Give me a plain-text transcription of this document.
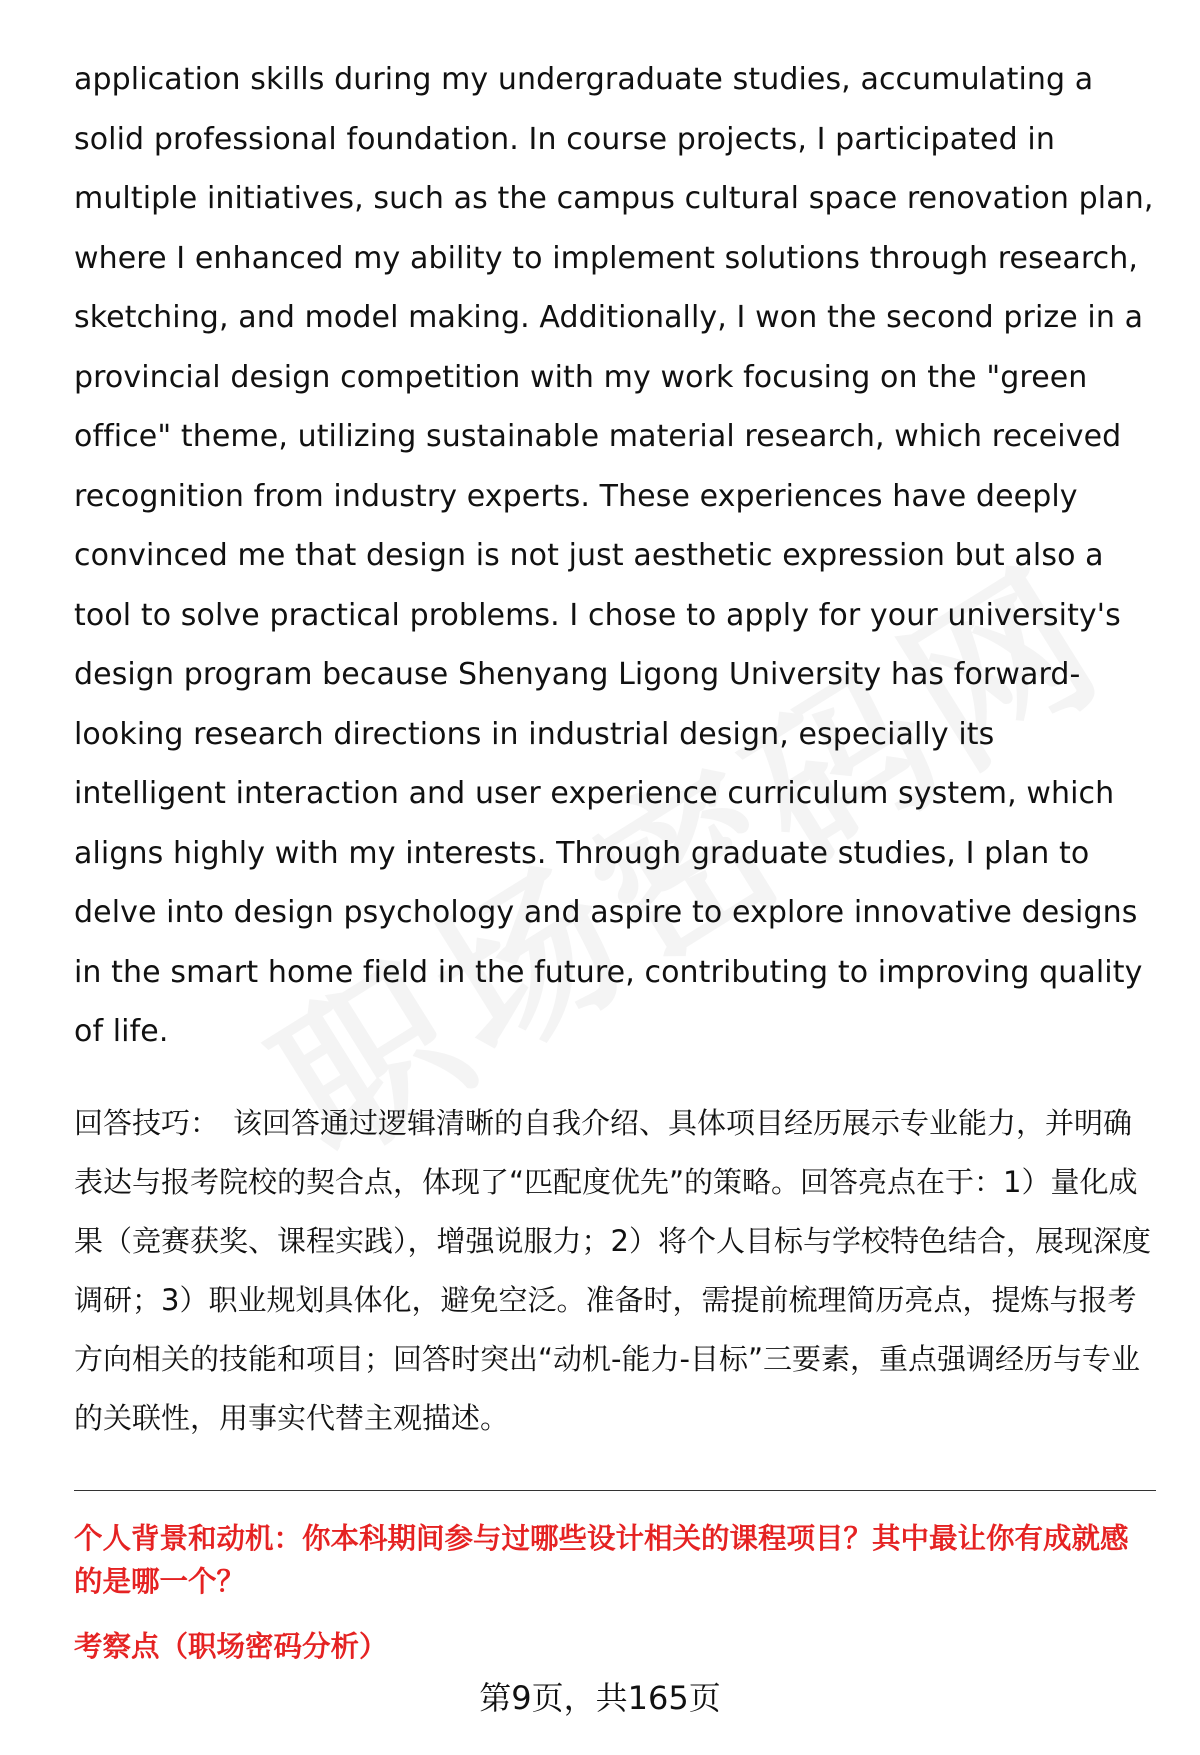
application skills during my undergraduate studies, accumulating a solid professional foundation. In course projects, I participated in multiple initiatives, such as the campus cultural space renovation plan, where I enhanced my ability to implement solutions through research, sketching, and model making. Additionally, I won the second prize in a provincial design competition with my work focusing on the "green office" theme, utilizing sustainable material research, which received recognition from industry experts. These experiences have deeply convinced me that design is not just aesthetic expression but also a tool to solve practical problems. I chose to apply for your university's design program because Shenyang Ligong University has forward-looking research directions in industrial design, especially its intelligent interaction and user experience curriculum system, which aligns highly with my interests. Through graduate studies, I plan to delve into design psychology and aspire to explore innovative designs in the smart home field in the future, contributing to improving quality of life.

回答技巧： 该回答通过逻辑清晰的自我介绍、具体项目经历展示专业能力，并明确表达与报考院校的契合点，体现了“匹配度优先”的策略。回答亮点在于：1）量化成果（竞赛获奖、课程实践），增强说服力；2）将个人目标与学校特色结合，展现深度调研；3）职业规划具体化，避免空泛。准备时，需提前梳理简历亮点，提炼与报考方向相关的技能和项目；回答时突出“动机-能力-目标”三要素，重点强调经历与专业的关联性，用事实代替主观描述。

个人背景和动机：你本科期间参与过哪些设计相关的课程项目？其中最让你有成就感的是哪一个？

考察点（职场密码分析）

第9页，共165页
